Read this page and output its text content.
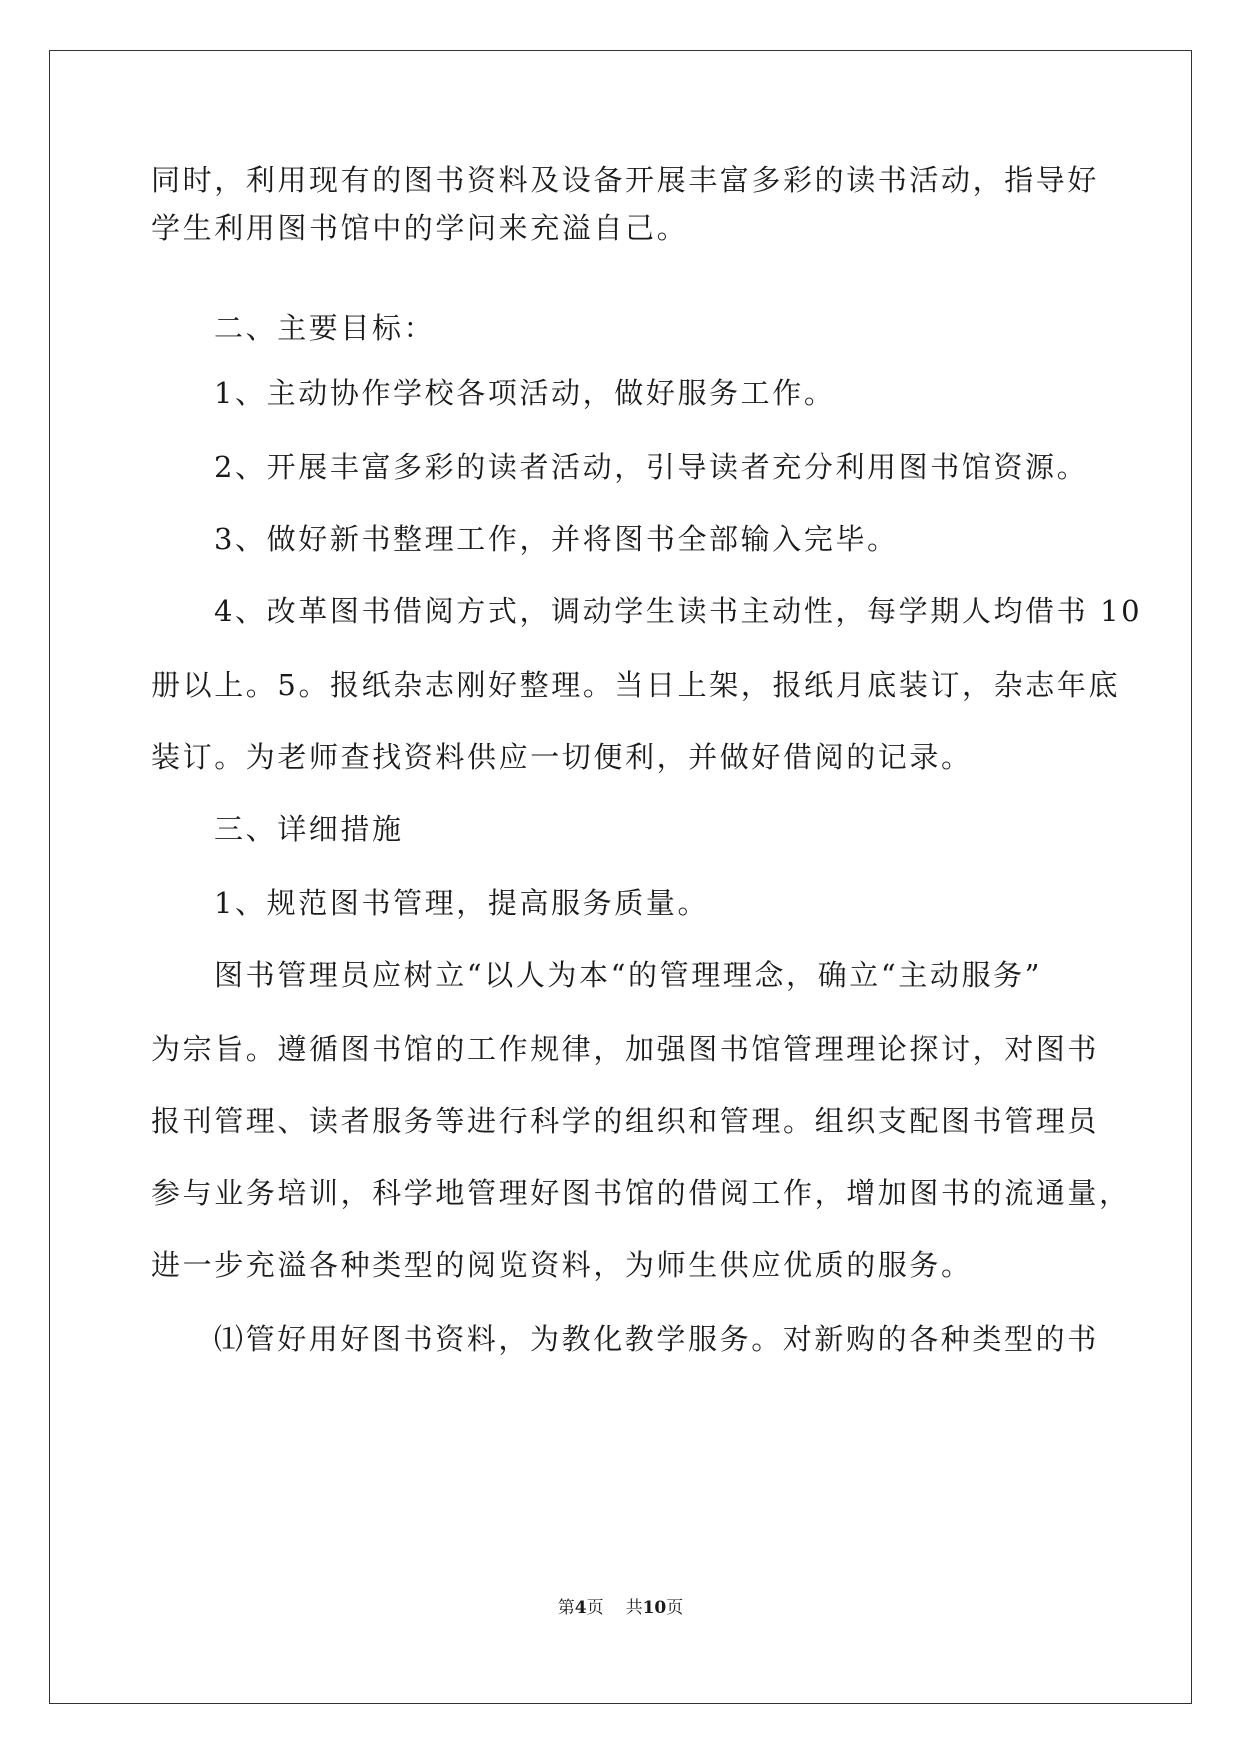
同时，利用现有的图书资料及设备开展丰富多彩的读书活动，指导好
学生利用图书馆中的学问来充溢自己。
二、主要目标：
1、主动协作学校各项活动，做好服务工作。
2、开展丰富多彩的读者活动，引导读者充分利用图书馆资源。
3、做好新书整理工作，并将图书全部输入完毕。
4、改革图书借阅方式，调动学生读书主动性，每学期人均借书 10
册以上。5。报纸杂志刚好整理。当日上架，报纸月底装订，杂志年底
装订。为老师查找资料供应一切便利，并做好借阅的记录。
三、详细措施
1、规范图书管理，提高服务质量。
图书管理员应树立“以人为本“的管理理念，确立“主动服务”
为宗旨。遵循图书馆的工作规律，加强图书馆管理理论探讨，对图书
报刊管理、读者服务等进行科学的组织和管理。组织支配图书管理员
参与业务培训，科学地管理好图书馆的借阅工作，增加图书的流通量，
进一步充溢各种类型的阅览资料，为师生供应优质的服务。
⑴管好用好图书资料，为教化教学服务。对新购的各种类型的书
第4页 共10页
